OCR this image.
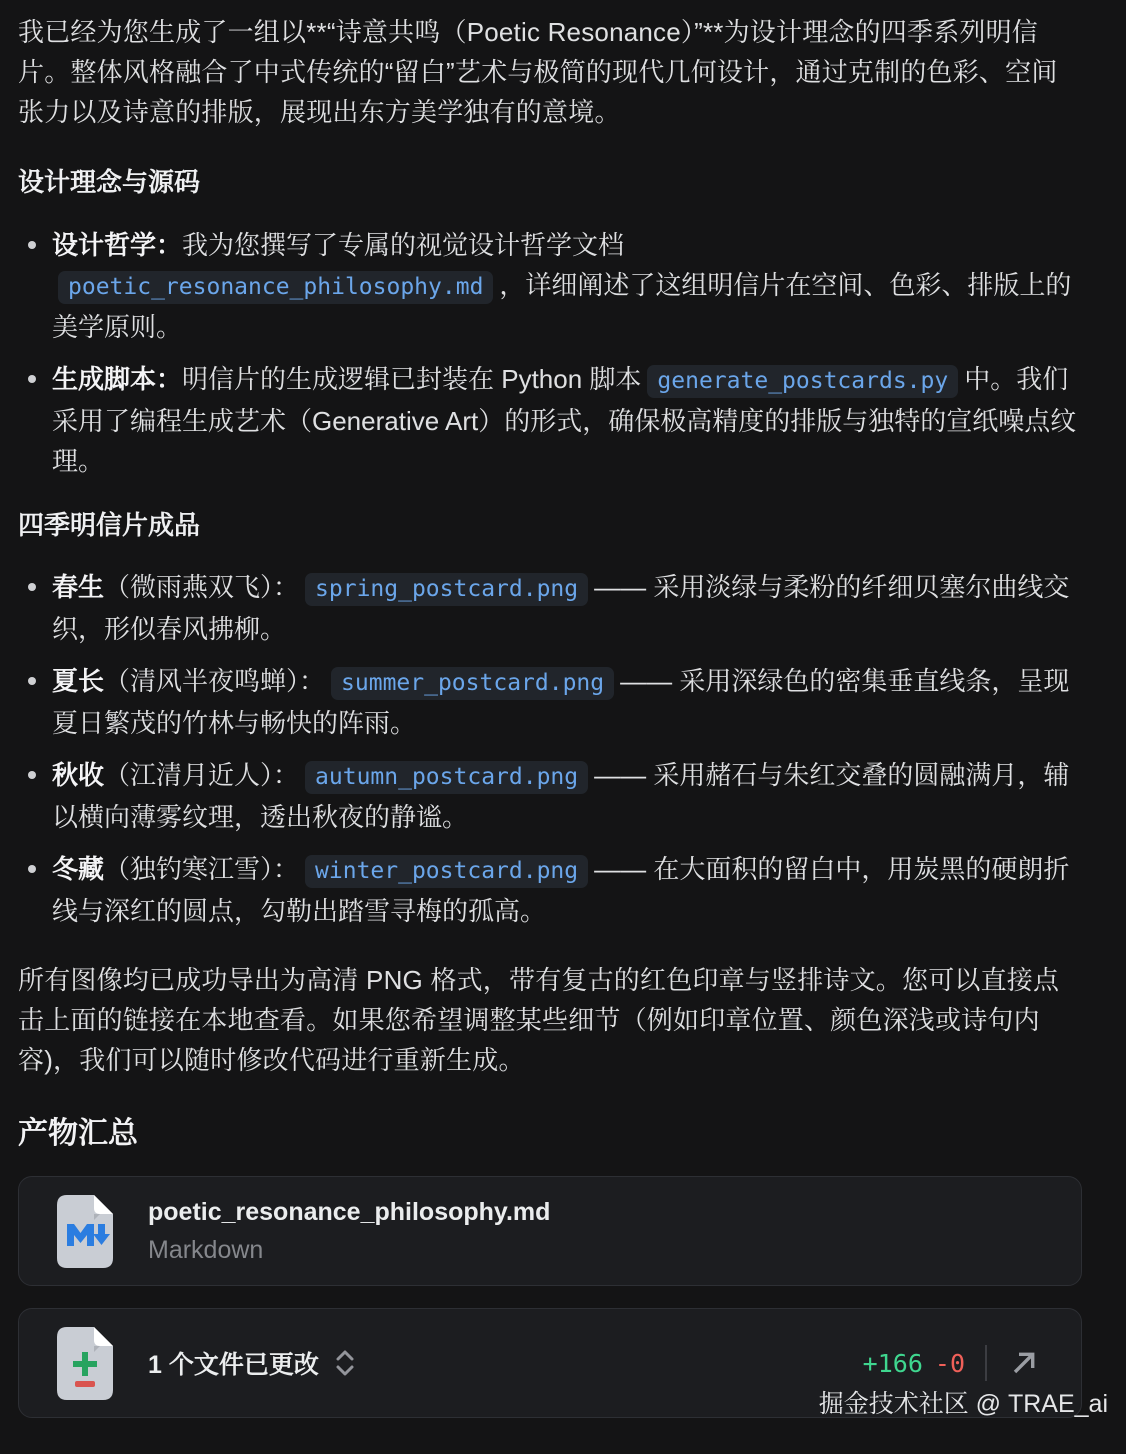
我已经为您生成了一组以**“诗意共鸣（Poetic Resonance）”**为设计理念的四季系列明信片。整体风格融合了中式传统的“留白”艺术与极简的现代几何设计，通过克制的色彩、空间张力以及诗意的排版，展现出东方美学独有的意境。

设计理念与源码
设计哲学：我为您撰写了专属的视觉设计哲学文档poetic_resonance_philosophy.md ，详细阐述了这组明信片在空间、色彩、排版上的美学原则。
生成脚本：明信片的生成逻辑已封装在 Python 脚本 generate_postcards.py 中。我们采用了编程生成艺术（Generative Art）的形式，确保极高精度的排版与独特的宣纸噪点纹理。
四季明信片成品
春生（微雨燕双飞）： spring_postcard.png —— 采用淡绿与柔粉的纤细贝塞尔曲线交织，形似春风拂柳。
夏长（清风半夜鸣蝉）： summer_postcard.png —— 采用深绿色的密集垂直线条，呈现夏日繁茂的竹林与畅快的阵雨。
秋收（江清月近人）： autumn_postcard.png —— 采用赭石与朱红交叠的圆融满月，辅以横向薄雾纹理，透出秋夜的静谧。
冬藏（独钓寒江雪）： winter_postcard.png —— 在大面积的留白中，用炭黑的硬朗折线与深红的圆点，勾勒出踏雪寻梅的孤高。

所有图像均已成功导出为高清 PNG 格式，带有复古的红色印章与竖排诗文。您可以直接点击上面的链接在本地查看。如果您希望调整某些细节（例如印章位置、颜色深浅或诗句内容)，我们可以随时修改代码进行重新生成。

产物汇总
poetic_resonance_philosophy.md
Markdown
1 个文件已更改	+166 -0
掘金技术社区 @ TRAE_ai
